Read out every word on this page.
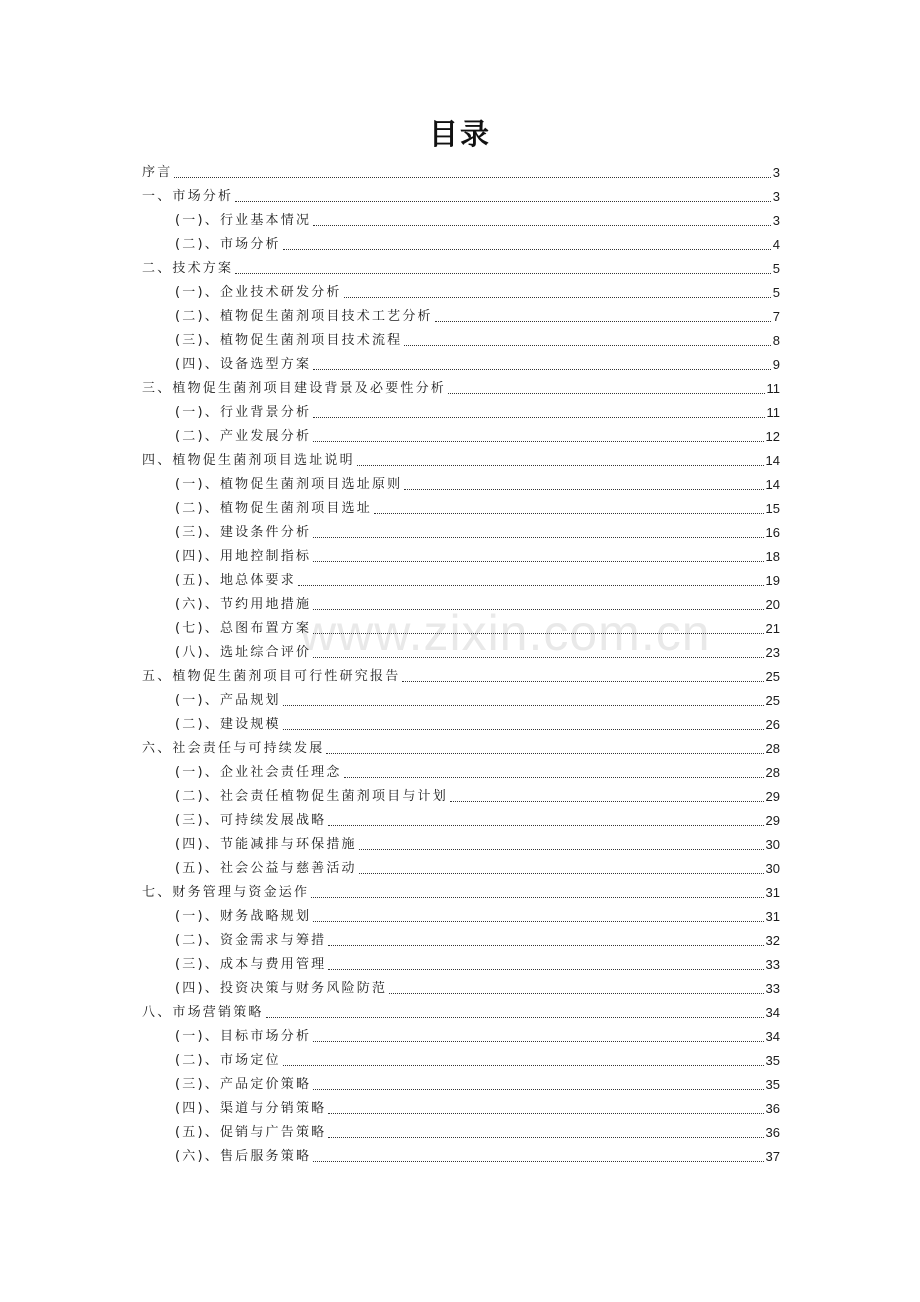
目录
序言	3
一、市场分析	3
(一)、行业基本情况	3
(二)、市场分析	4
二、技术方案	5
(一)、企业技术研发分析	5
(二)、植物促生菌剂项目技术工艺分析	7
(三)、植物促生菌剂项目技术流程	8
(四)、设备选型方案	9
三、植物促生菌剂项目建设背景及必要性分析	11
(一)、行业背景分析	11
(二)、产业发展分析	12
四、植物促生菌剂项目选址说明	14
(一)、植物促生菌剂项目选址原则	14
(二)、植物促生菌剂项目选址	15
(三)、建设条件分析	16
(四)、用地控制指标	18
(五)、地总体要求	19
(六)、节约用地措施	20
(七)、总图布置方案	21
(八)、选址综合评价	23
五、植物促生菌剂项目可行性研究报告	25
(一)、产品规划	25
(二)、建设规模	26
六、社会责任与可持续发展	28
(一)、企业社会责任理念	28
(二)、社会责任植物促生菌剂项目与计划	29
(三)、可持续发展战略	29
(四)、节能减排与环保措施	30
(五)、社会公益与慈善活动	30
七、财务管理与资金运作	31
(一)、财务战略规划	31
(二)、资金需求与筹措	32
(三)、成本与费用管理	33
(四)、投资决策与财务风险防范	33
八、市场营销策略	34
(一)、目标市场分析	34
(二)、市场定位	35
(三)、产品定价策略	35
(四)、渠道与分销策略	36
(五)、促销与广告策略	36
(六)、售后服务策略	37
www.zixin.com.cn
